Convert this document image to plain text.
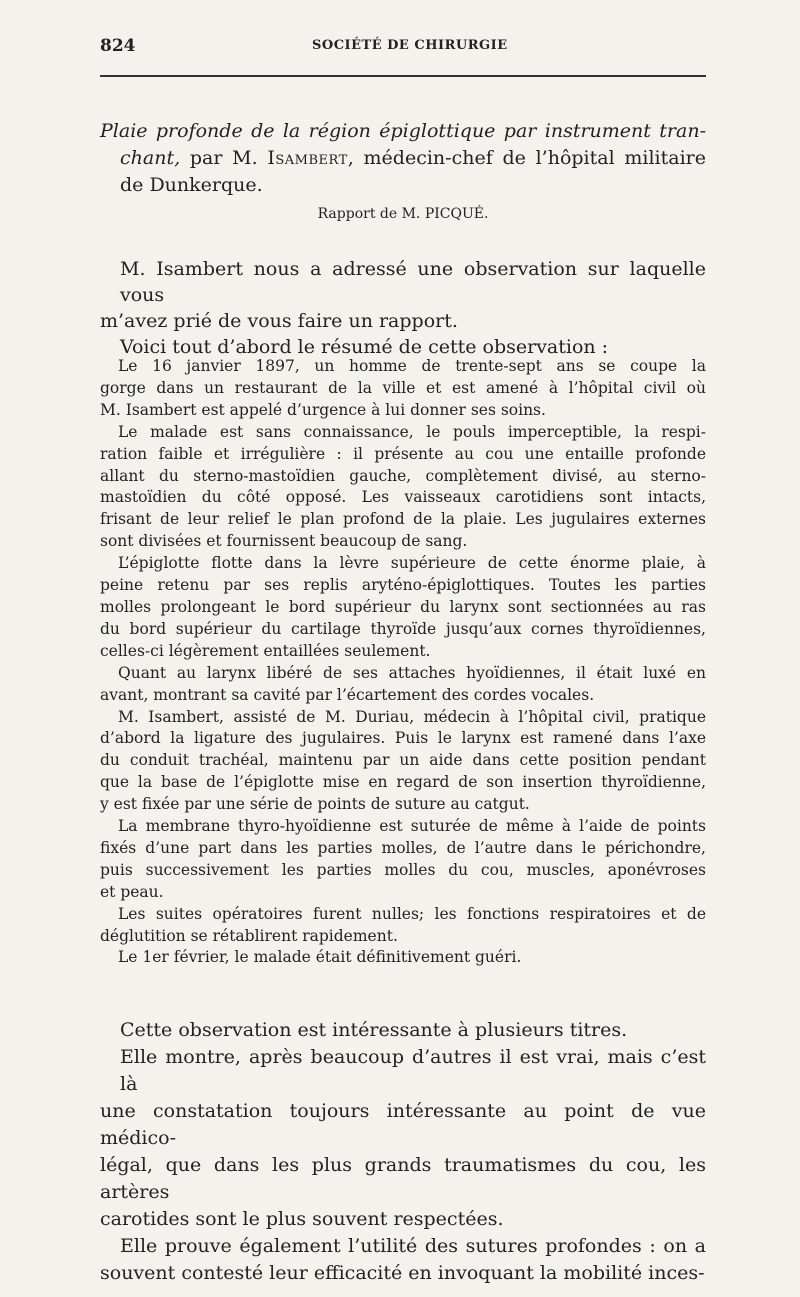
824	SOCIÉTÉ DE CHIRURGIE
Plaie profonde de la région épiglottique par instrument tran-
chant, par M. Isambert, médecin-chef de l’hôpital militaire
de Dunkerque.
Rapport de M. PICQUÉ.
M. Isambert nous a adressé une observation sur laquelle vous
m’avez prié de vous faire un rapport.
Voici tout d’abord le résumé de cette observation :
Le 16 janvier 1897, un homme de trente-sept ans se coupe la
gorge dans un restaurant de la ville et est amené à l’hôpital civil où
M. Isambert est appelé d’urgence à lui donner ses soins.
Le malade est sans connaissance, le pouls imperceptible, la respi-
ration faible et irrégulière : il présente au cou une entaille profonde
allant du sterno-mastoïdien gauche, complètement divisé, au sterno-
mastoïdien du côté opposé. Les vaisseaux carotidiens sont intacts,
frisant de leur relief le plan profond de la plaie. Les jugulaires externes
sont divisées et fournissent beaucoup de sang.
L’épiglotte flotte dans la lèvre supérieure de cette énorme plaie, à
peine retenu par ses replis aryténo-épiglottiques. Toutes les parties
molles prolongeant le bord supérieur du larynx sont sectionnées au ras
du bord supérieur du cartilage thyroïde jusqu’aux cornes thyroïdiennes,
celles-ci légèrement entaillées seulement.
Quant au larynx libéré de ses attaches hyoïdiennes, il était luxé en
avant, montrant sa cavité par l’écartement des cordes vocales.
M. Isambert, assisté de M. Duriau, médecin à l’hôpital civil, pratique
d’abord la ligature des jugulaires. Puis le larynx est ramené dans l’axe
du conduit trachéal, maintenu par un aide dans cette position pendant
que la base de l’épiglotte mise en regard de son insertion thyroïdienne,
y est fixée par une série de points de suture au catgut.
La membrane thyro-hyoïdienne est suturée de même à l’aide de points
fixés d’une part dans les parties molles, de l’autre dans le périchondre,
puis successivement les parties molles du cou, muscles, aponévroses
et peau.
Les suites opératoires furent nulles; les fonctions respiratoires et de
déglutition se rétablirent rapidement.
Le 1er février, le malade était définitivement guéri.
Cette observation est intéressante à plusieurs titres.
Elle montre, après beaucoup d’autres il est vrai, mais c’est là
une constatation toujours intéressante au point de vue médico-
légal, que dans les plus grands traumatismes du cou, les artères
carotides sont le plus souvent respectées.
Elle prouve également l’utilité des sutures profondes : on a
souvent contesté leur efficacité en invoquant la mobilité inces-
